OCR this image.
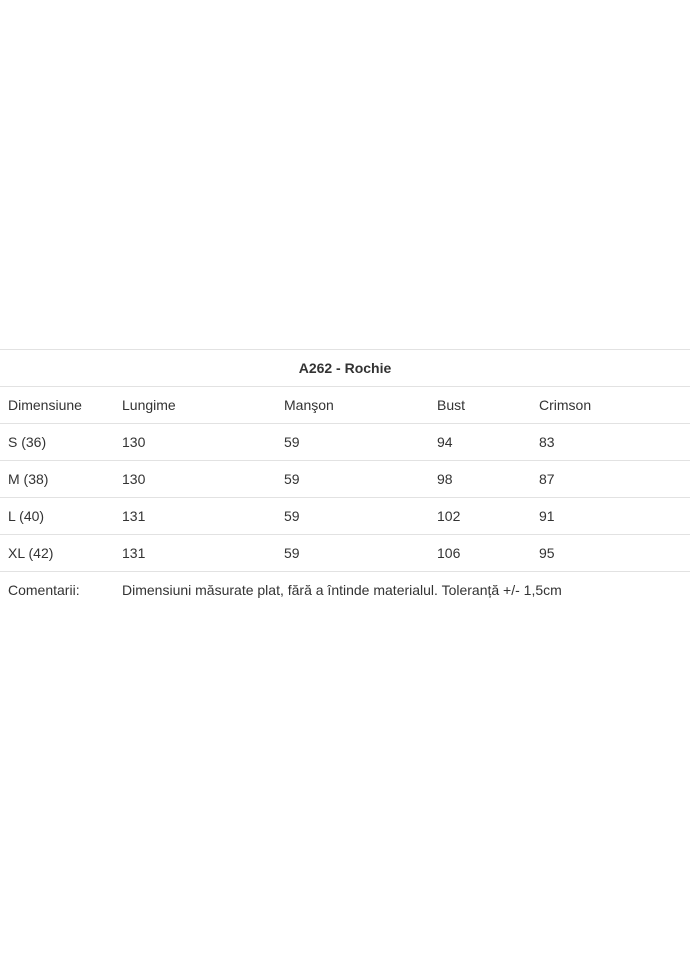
A262 - Rochie				
Dimensiune	Lungime	Manşon	Bust	Crimson
S (36)	130	59	94	83
M (38)	130	59	98	87
L (40)	131	59	102	91
XL (42)	131	59	106	95
Comentarii:	Dimensiuni măsurate plat, fără a întinde materialul. Toleranță +/- 1,5cm			
